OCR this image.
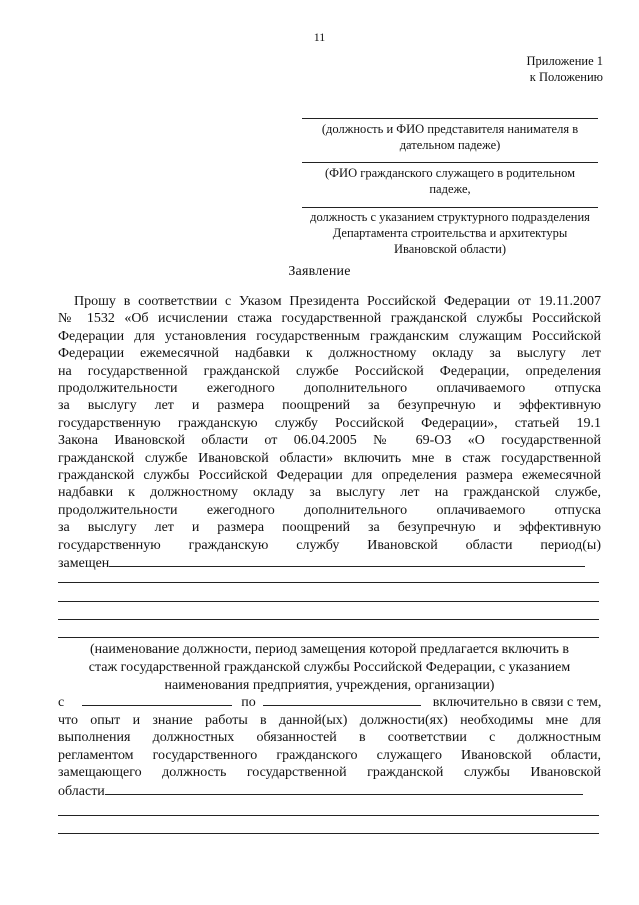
11
Приложение 1
к Положению
(должность и ФИО представителя нанимателя в
дательном падеже)
(ФИО гражданского служащего в родительном
падеже,
должность с указанием структурного подразделения
Департамента строительства и архитектуры
Ивановской области)
Заявление
Прошу в соответствии с Указом Президента Российской Федерации от 19.11.2007
№ 1532 «Об исчислении стажа государственной гражданской службы Российской
Федерации для установления государственным гражданским служащим Российской
Федерации ежемесячной надбавки к должностному окладу за выслугу лет
на государственной гражданской службе Российской Федерации, определения
продолжительности ежегодного дополнительного оплачиваемого отпуска
за выслугу лет и размера поощрений за безупречную и эффективную
государственную гражданскую службу Российской Федерации», статьей 19.1
Закона Ивановской области от 06.04.2005 № 69-ОЗ «О государственной
гражданской службе Ивановской области» включить мне в стаж государственной
гражданской службы Российской Федерации для определения размера ежемесячной
надбавки к должностному окладу за выслугу лет на гражданской службе,
продолжительности ежегодного дополнительного оплачиваемого отпуска
за выслугу лет и размера поощрений за безупречную и эффективную
государственную гражданскую службу Ивановской области период(ы)
замещен
(наименование должности, период замещения которой предлагается включить в
стаж государственной гражданской службы Российской Федерации, с указанием
наименования предприятия, учреждения, организации)
с	по	включительно в связи с тем,
что опыт и знание работы в данной(ых) должности(ях) необходимы мне для
выполнения должностных обязанностей в соответствии с должностным
регламентом государственного гражданского служащего Ивановской области,
замещающего должность государственной гражданской службы Ивановской
области
